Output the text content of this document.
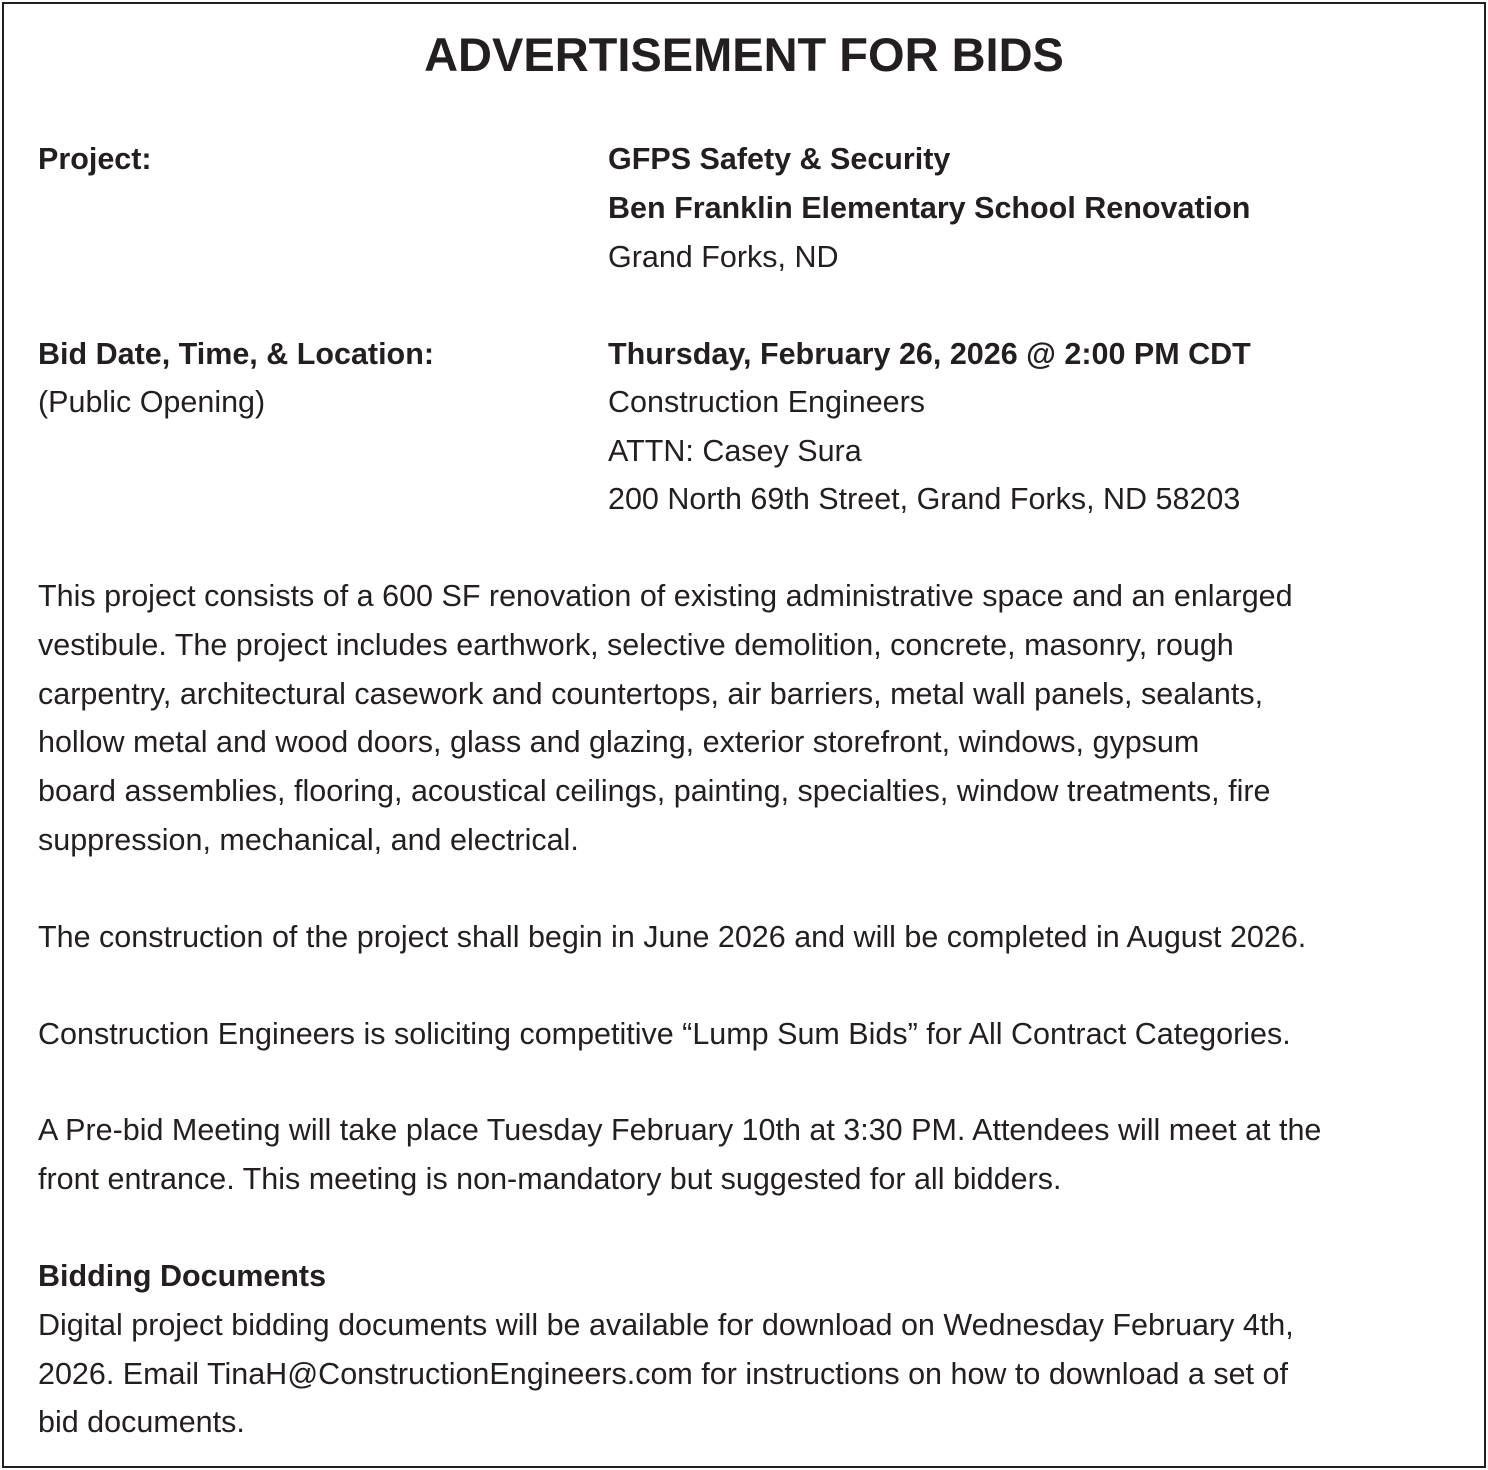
ADVERTISEMENT FOR BIDS
Project:	GFPS Safety & Security
Ben Franklin Elementary School Renovation
Grand Forks, ND
Bid Date, Time, & Location:
(Public Opening)
Thursday, February 26, 2026 @ 2:00 PM CDT
Construction Engineers
ATTN: Casey Sura
200 North 69th Street, Grand Forks, ND 58203
This project consists of a 600 SF renovation of existing administrative space and an enlarged
vestibule. The project includes earthwork, selective demolition, concrete, masonry, rough
carpentry, architectural casework and countertops, air barriers, metal wall panels, sealants,
hollow metal and wood doors, glass and glazing, exterior storefront, windows, gypsum
board assemblies, flooring, acoustical ceilings, painting, specialties, window treatments, fire
suppression, mechanical, and electrical.
The construction of the project shall begin in June 2026 and will be completed in August 2026.
Construction Engineers is soliciting competitive “Lump Sum Bids” for All Contract Categories.
A Pre-bid Meeting will take place Tuesday February 10th at 3:30 PM. Attendees will meet at the
front entrance. This meeting is non-mandatory but suggested for all bidders.
Bidding Documents
Digital project bidding documents will be available for download on Wednesday February 4th,
2026. Email TinaH@ConstructionEngineers.com for instructions on how to download a set of
bid documents.
